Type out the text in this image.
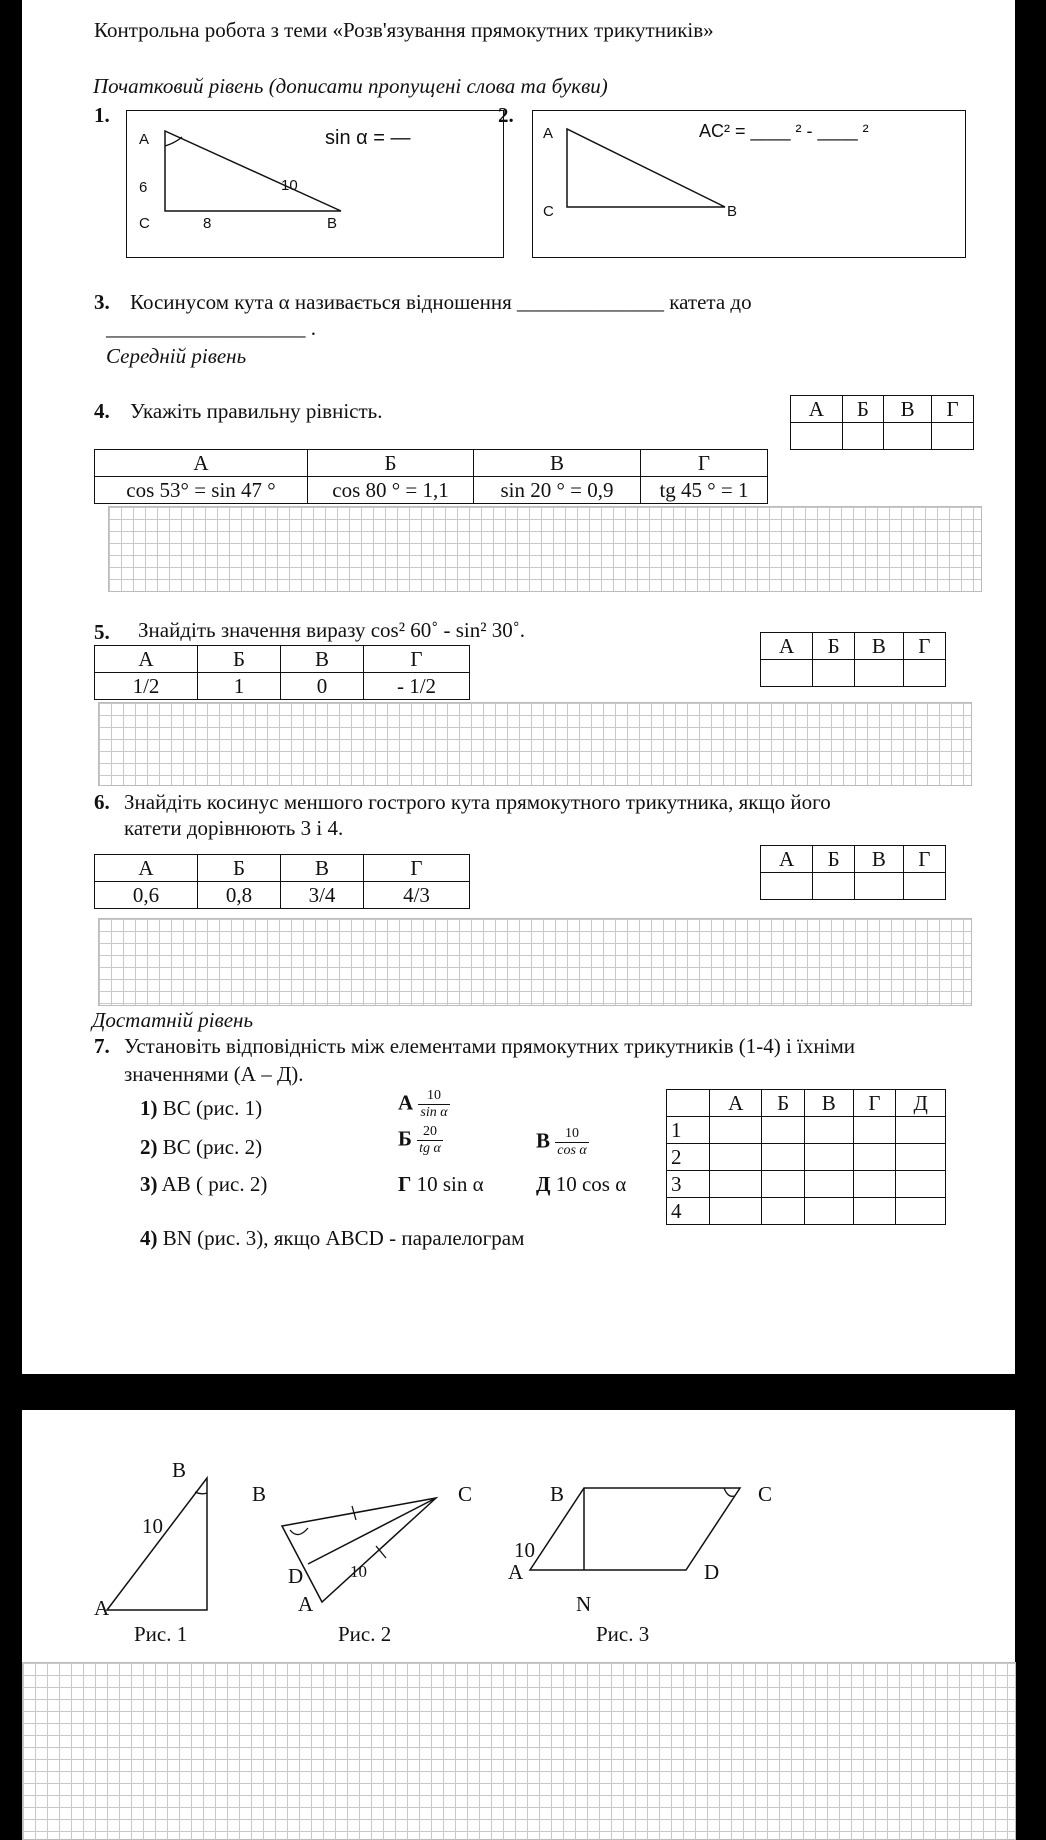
Контрольна робота з теми «Розв'язування прямокутних трикутників»
Початковий рівень (дописати пропущені слова та букви)
1.
A
6
C	8	B
10
sin α = —
2.
A
C	B
AC² = ____ ² - ____ ²
3. Косинусом кута α називається відношення ______________ катета до
___________________ .
Середній рівень
4. Укажіть правильну рівність.	А	Б	В	Г

А	Б	В	Г
cos 53° = sin 47 °	cos 80 ° = 1,1	sin 20 ° = 0,9	tg 45 ° = 1
5. Знайдіть значення виразу cos² 60˚ - sin² 30˚.
А	Б	В	Г

А	Б	В	Г
1/2	1	0	- 1/2
6. Знайдіть косинус меншого гострого кута прямокутного трикутника, якщо його
катети дорівнюють 3 і 4.
А	Б	В	Г

А	Б	В	Г
0,6	0,8	3/4	4/3
Достатній рівень
7. Установіть відповідність між елементами прямокутних трикутників (1-4) і їхніми
значеннями (А – Д).
1) BC (рис. 1)
2) BC (рис. 2)
3) AB ( рис. 2)
4) BN (рис. 3), якщо ABCD - паралелограм
А $\frac{10}{\text{sin α}}$
Б $\frac{20}{\text{tg α}}$	В $\frac{10}{\text{cos α}}$
Г 10 sin α Д 10 cos α
	А	Б	В	Г	Д
1					
2					
3					
4					
B
10
A
Рис. 1
B	C
D	10
A
Рис. 2
B	C
10
A	D
N
Рис. 3
